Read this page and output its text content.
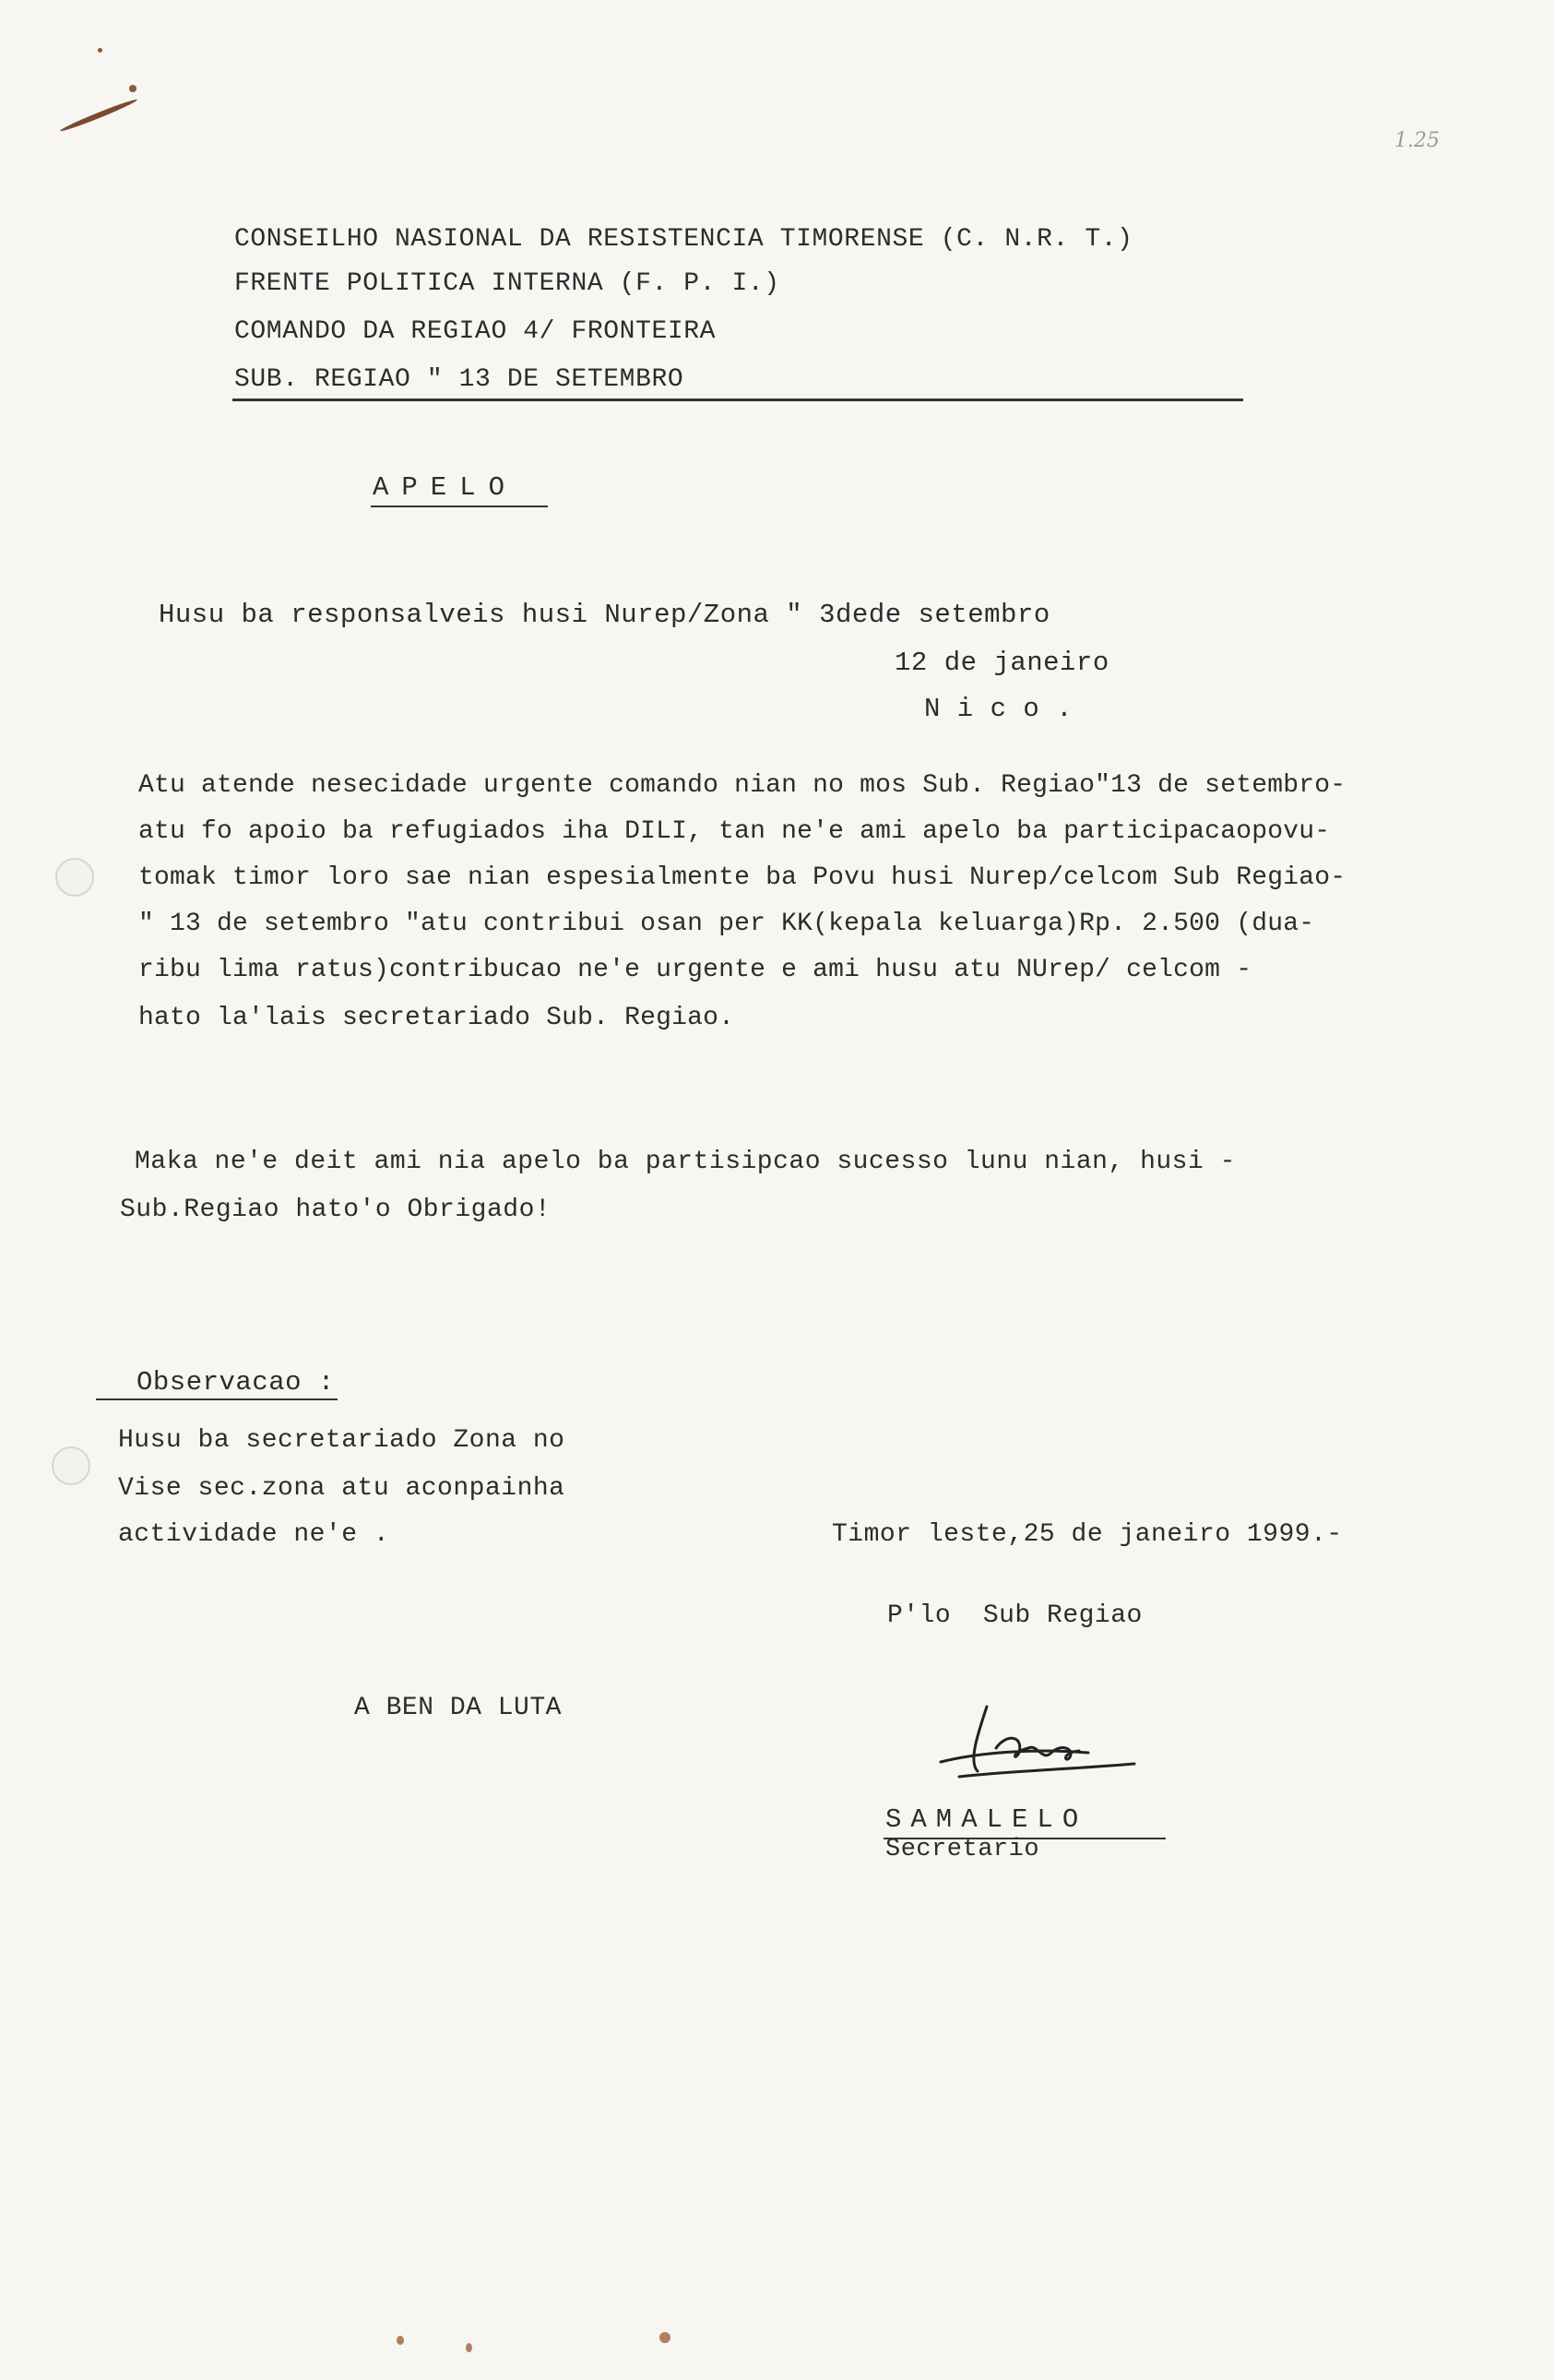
1.25
CONSEILHO NASIONAL DA RESISTENCIA TIMORENSE (C. N.R. T.)
FRENTE POLITICA INTERNA (F. P. I.)
COMANDO DA REGIAO 4/ FRONTEIRA
SUB. REGIAO " 13 DE SETEMBRO
APELO
Husu ba responsalveis husi Nurep/Zona " 3dede setembro
12 de janeiro
N i c o .
Atu atende nesecidade urgente comando nian no mos Sub. Regiao"13 de setembro-
atu fo apoio ba refugiados iha DILI, tan ne'e ami apelo ba participacaopovu-
tomak timor loro sae nian espesialmente ba Povu husi Nurep/celcom Sub Regiao-
" 13 de setembro "atu contribui osan per KK(kepala keluarga)Rp. 2.500 (dua-
ribu lima ratus)contribucao ne'e urgente e ami husu atu NUrep/ celcom -
hato la'lais secretariado Sub. Regiao.
Maka ne'e deit ami nia apelo ba partisipcao sucesso lunu nian, husi -
Sub.Regiao hato'o Obrigado!
Observacao :
Husu ba secretariado Zona no
Vise sec.zona atu aconpainha
actividade ne'e .	Timor leste,25 de janeiro 1999.-
P'lo  Sub Regiao
A BEN DA LUTA
SAMALELO
Secretario
